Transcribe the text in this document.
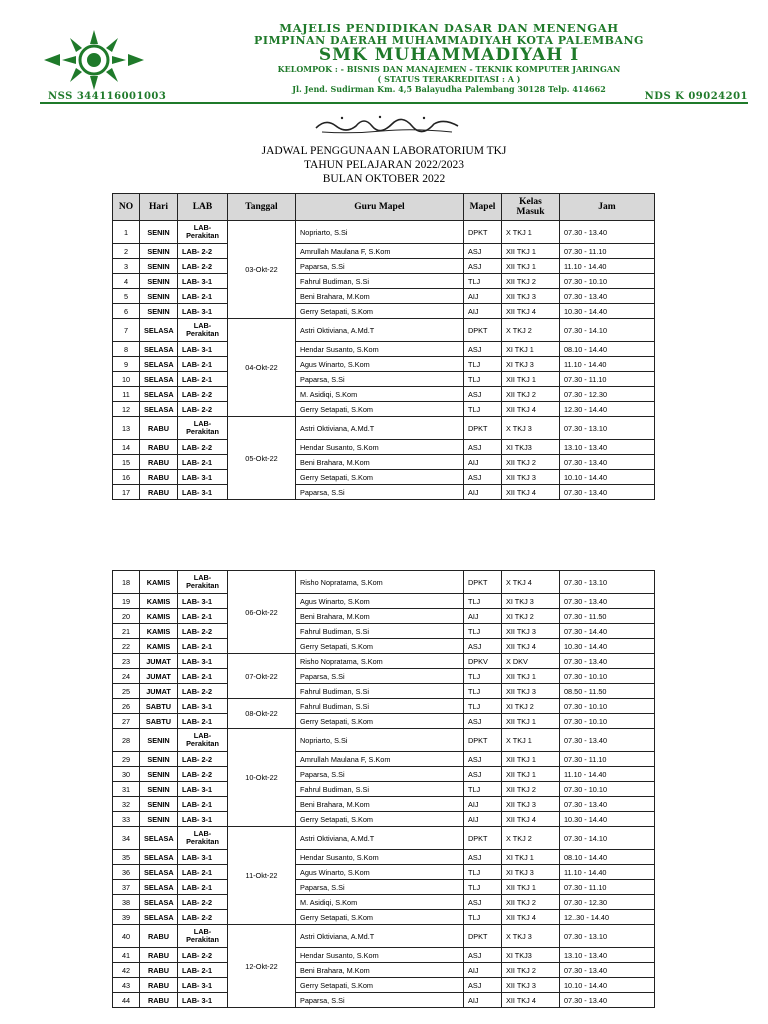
MAJELIS PENDIDIKAN DASAR DAN MENENGAH
PIMPINAN DAERAH MUHAMMADIYAH KOTA PALEMBANG
SMK MUHAMMADIYAH I
KELOMPOK : - BISNIS DAN MANAJEMEN - TEKNIK KOMPUTER JARINGAN
( STATUS TERAKREDITASI : A )
Jl. Jend. Sudirman Km. 4,5 Balayudha Palembang 30128 Telp. 414662
NSS 344116001003	NDS K 09024201
JADWAL PENGGUNAAN LABORATORIUM TKJ
TAHUN PELAJARAN 2022/2023
BULAN OKTOBER 2022
NO	Hari	LAB	Tanggal	Guru Mapel	Mapel	Kelas Masuk	Jam
1	SENIN	LAB- Perakitan	03-Okt-22	Nopriarto, S.Si	DPKT	X TKJ 1	07.30 - 13.40
2	SENIN	LAB- 2-2		Amrullah Maulana F, S.Kom	ASJ	XII TKJ 1	07.30 - 11.10
3	SENIN	LAB- 2-2		Paparsa, S.Si	ASJ	XII TKJ 1	11.10 - 14.40
4	SENIN	LAB- 3-1		Fahrul Budiman, S.Si	TLJ	XII TKJ 2	07.30 - 10.10
5	SENIN	LAB- 2-1		Beni Brahara, M.Kom	AIJ	XII TKJ 3	07.30 - 13.40
6	SENIN	LAB- 3-1		Gerry Setapati, S.Kom	AIJ	XII TKJ 4	10.30 - 14.40
7	SELASA	LAB- Perakitan	04-Okt-22	Astri Oktiviana, A.Md.T	DPKT	X TKJ 2	07.30 - 14.10
8	SELASA	LAB- 3-1		Hendar Susanto, S.Kom	ASJ	XI TKJ 1	08.10 - 14.40
9	SELASA	LAB- 2-1		Agus Winarto, S.Kom	TLJ	XI TKJ 3	11.10 - 14.40
10	SELASA	LAB- 2-1		Paparsa, S.Si	TLJ	XII TKJ 1	07.30 - 11.10
11	SELASA	LAB- 2-2		M. Asidiqi, S.Kom	ASJ	XII TKJ 2	07.30 - 12.30
12	SELASA	LAB- 2-2		Gerry Setapati, S.Kom	TLJ	XII TKJ 4	12.30 - 14.40
13	RABU	LAB- Perakitan	05-Okt-22	Astri Oktiviana, A.Md.T	DPKT	X TKJ 3	07.30 - 13.10
14	RABU	LAB- 2-2		Hendar Susanto, S.Kom	ASJ	XI TKJ3	13.10 - 13.40
15	RABU	LAB- 2-1		Beni Brahara, M.Kom	AIJ	XII TKJ 2	07.30 - 13.40
16	RABU	LAB- 3-1		Gerry Setapati, S.Kom	ASJ	XII TKJ 3	10.10 - 14.40
17	RABU	LAB- 3-1		Paparsa, S.Si	AIJ	XII TKJ 4	07.30 - 13.40
18	KAMIS	LAB- Perakitan	06-Okt-22	Risho Nopratama, S.Kom	DPKT	X TKJ 4	07.30 - 13.10
19	KAMIS	LAB- 3-1		Agus Winarto, S.Kom	TLJ	XI TKJ 3	07.30 - 13.40
20	KAMIS	LAB- 2-1		Beni Brahara, M.Kom	AIJ	XI TKJ 2	07.30 - 11.50
21	KAMIS	LAB- 2-2		Fahrul Budiman, S.Si	TLJ	XII TKJ 3	07.30 - 14.40
22	KAMIS	LAB- 2-1		Gerry Setapati, S.Kom	ASJ	XII TKJ 4	10.30 - 14.40
23	JUMAT	LAB- 3-1	07-Okt-22	Risho Nopratama, S.Kom	DPKV	X DKV	07.30 - 13.40
24	JUMAT	LAB- 2-1		Paparsa, S.Si	TLJ	XII TKJ 1	07.30 - 10.10
25	JUMAT	LAB- 2-2		Fahrul Budiman, S.Si	TLJ	XII TKJ 3	08.50 - 11.50
26	SABTU	LAB- 3-1	08-Okt-22	Fahrul Budiman, S.Si	TLJ	XI TKJ 2	07.30 - 10.10
27	SABTU	LAB- 2-1		Gerry Setapati, S.Kom	ASJ	XII TKJ 1	07.30 - 10.10
28	SENIN	LAB- Perakitan	10-Okt-22	Nopriarto, S.Si	DPKT	X TKJ 1	07.30 - 13.40
29	SENIN	LAB- 2-2		Amrullah Maulana F, S.Kom	ASJ	XII TKJ 1	07.30 - 11.10
30	SENIN	LAB- 2-2		Paparsa, S.Si	ASJ	XII TKJ 1	11.10 - 14.40
31	SENIN	LAB- 3-1		Fahrul Budiman, S.Si	TLJ	XII TKJ 2	07.30 - 10.10
32	SENIN	LAB- 2-1		Beni Brahara, M.Kom	AIJ	XII TKJ 3	07.30 - 13.40
33	SENIN	LAB- 3-1		Gerry Setapati, S.Kom	AIJ	XII TKJ 4	10.30 - 14.40
34	SELASA	LAB- Perakitan	11-Okt-22	Astri Oktiviana, A.Md.T	DPKT	X TKJ 2	07.30 - 14.10
35	SELASA	LAB- 3-1		Hendar Susanto, S.Kom	ASJ	XI TKJ 1	08.10 - 14.40
36	SELASA	LAB- 2-1		Agus Winarto, S.Kom	TLJ	XI TKJ 3	11.10 - 14.40
37	SELASA	LAB- 2-1		Paparsa, S.Si	TLJ	XII TKJ 1	07.30 - 11.10
38	SELASA	LAB- 2-2		M. Asidiqi, S.Kom	ASJ	XII TKJ 2	07.30 - 12.30
39	SELASA	LAB- 2-2		Gerry Setapati, S.Kom	TLJ	XII TKJ 4	12..30 - 14.40
40	RABU	LAB- Perakitan	12-Okt-22	Astri Oktiviana, A.Md.T	DPKT	X TKJ 3	07.30 - 13.10
41	RABU	LAB- 2-2		Hendar Susanto, S.Kom	ASJ	XI TKJ3	13.10 - 13.40
42	RABU	LAB- 2-1		Beni Brahara, M.Kom	AIJ	XII TKJ 2	07.30 - 13.40
43	RABU	LAB- 3-1		Gerry Setapati, S.Kom	ASJ	XII TKJ 3	10.10 - 14.40
44	RABU	LAB- 3-1		Paparsa, S.Si	AIJ	XII TKJ 4	07.30 - 13.40
